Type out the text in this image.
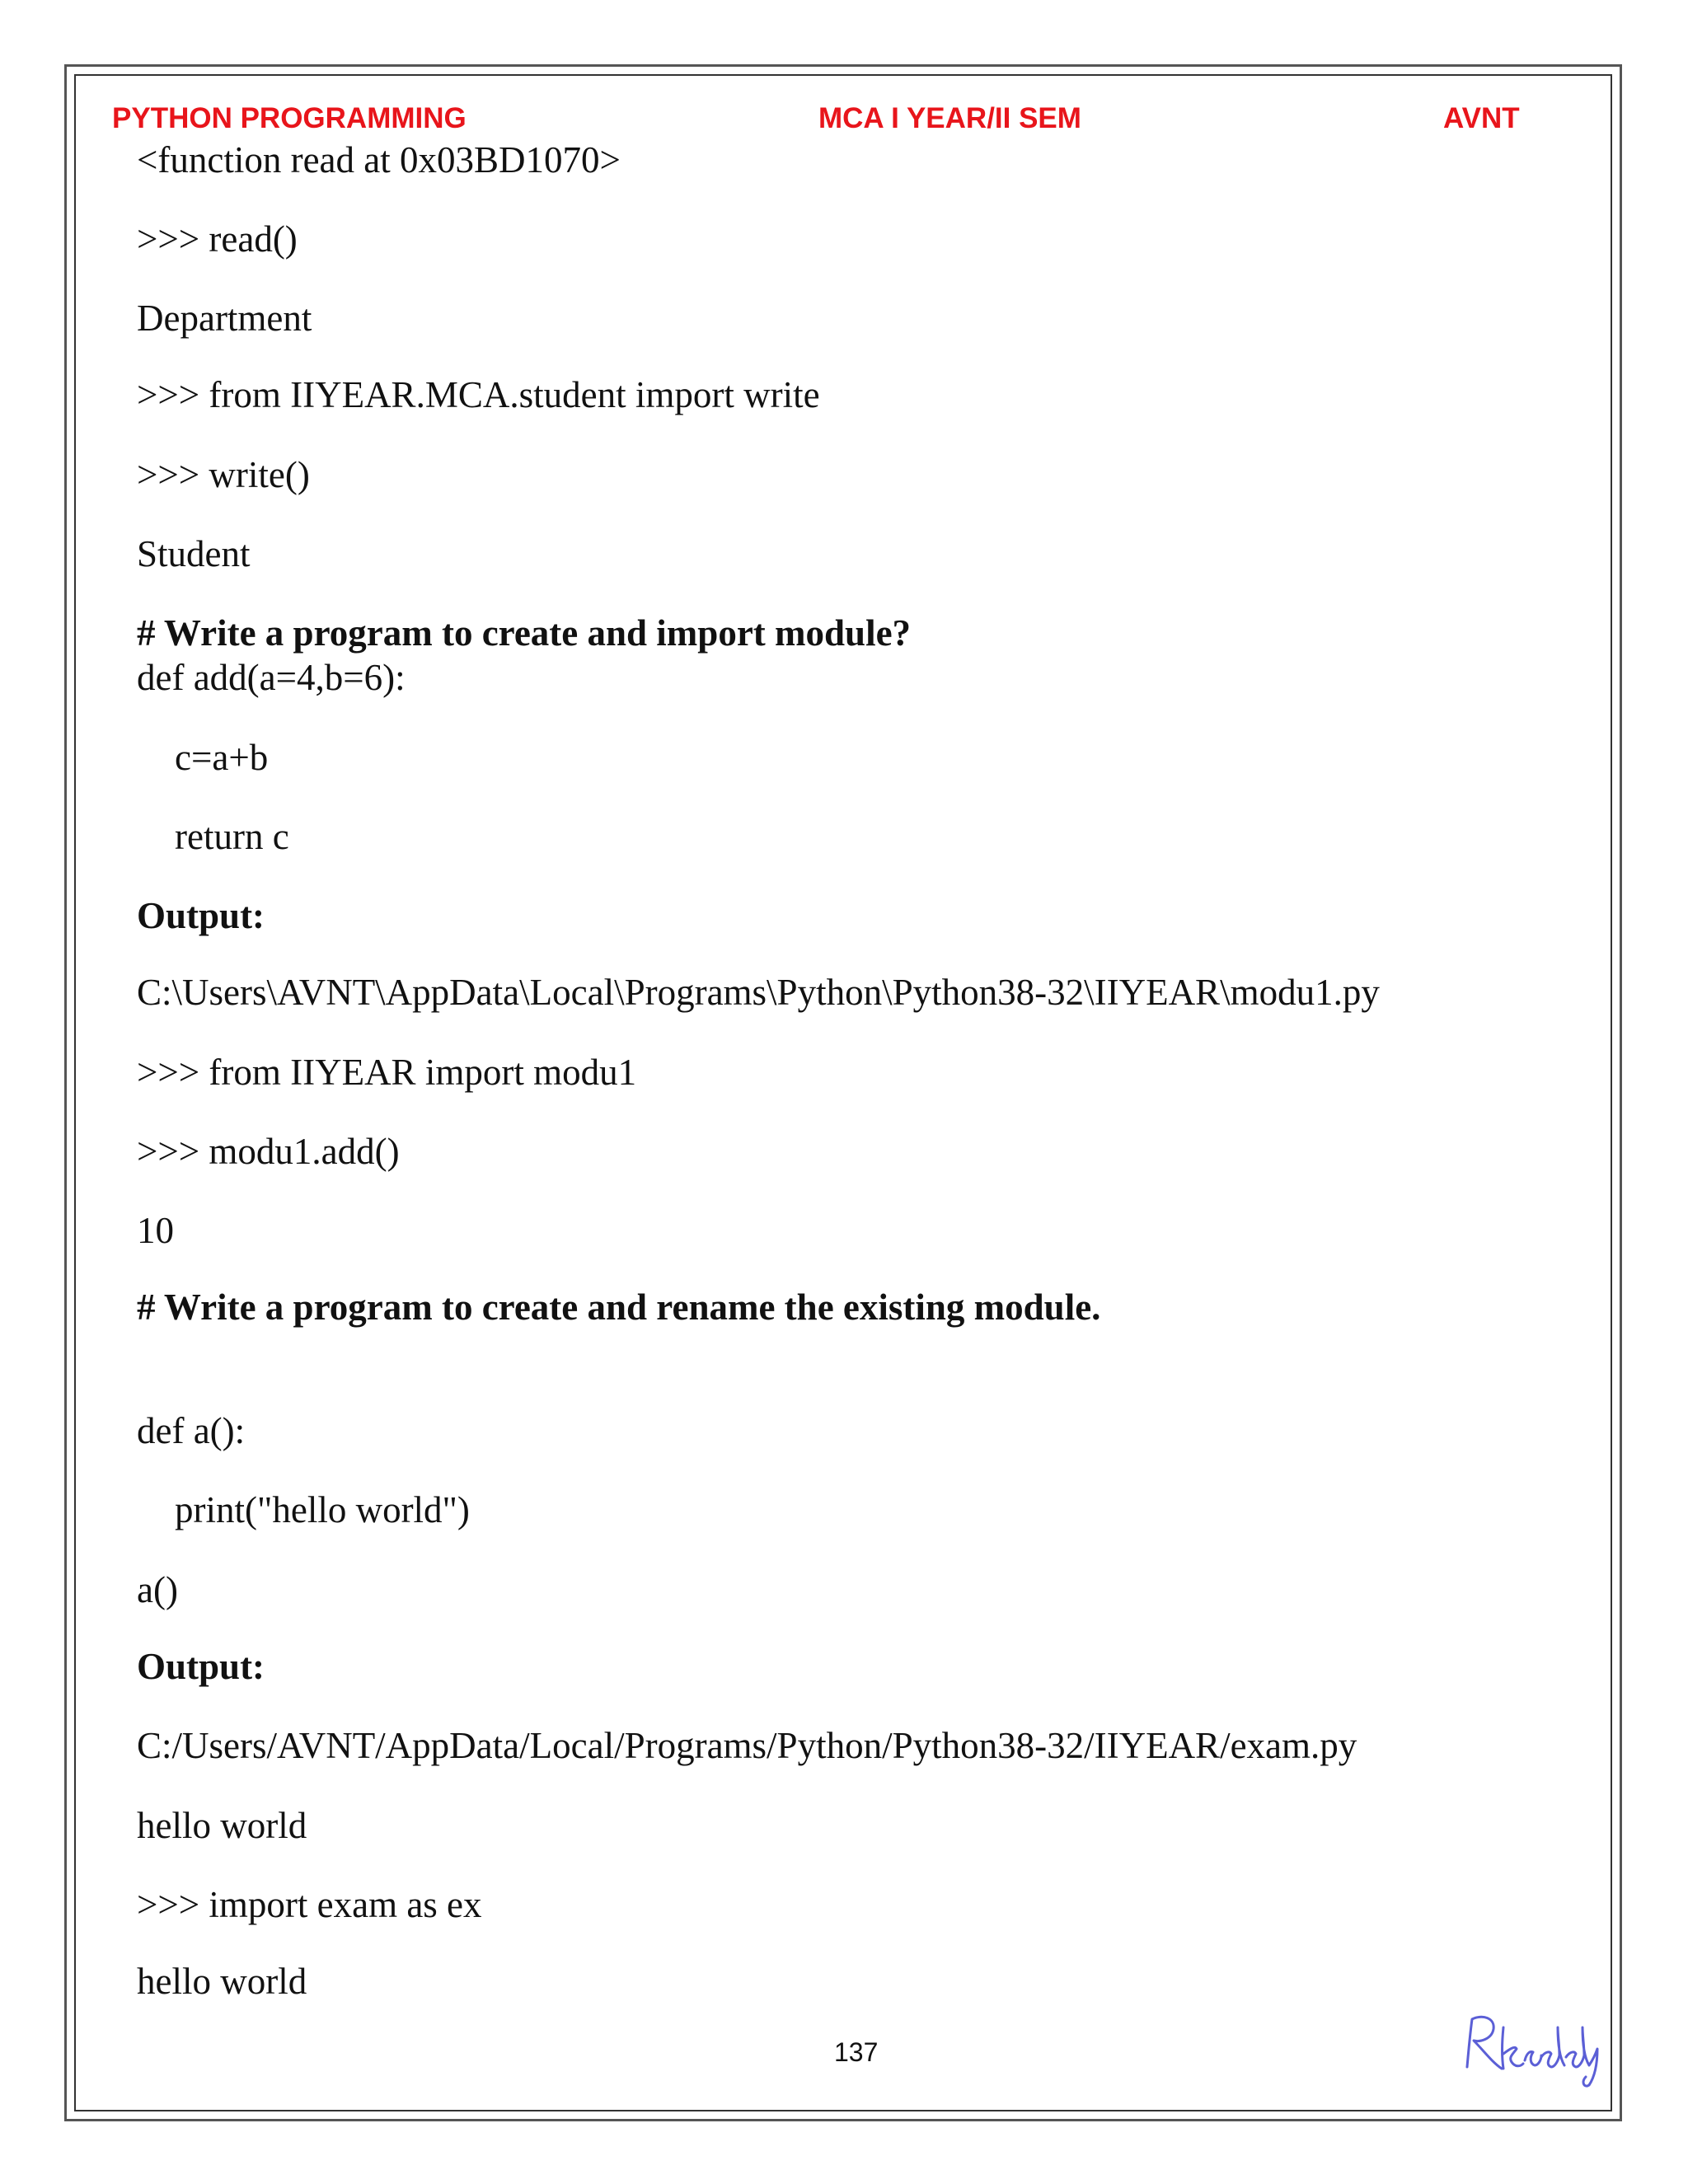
PYTHON PROGRAMMING	MCA I YEAR/II SEM	AVNT
<function read at 0x03BD1070>
>>> read()
Department
>>> from IIYEAR.MCA.student import write
>>> write()
Student
# Write a program to create and import module?
def add(a=4,b=6):
c=a+b
return c
Output:
C:\Users\AVNT\AppData\Local\Programs\Python\Python38-32\IIYEAR\modu1.py
>>> from IIYEAR import modu1
>>> modu1.add()
10
# Write a program to create and rename the existing module.
def a():
print("hello world")
a()
Output:
C:/Users/AVNT/AppData/Local/Programs/Python/Python38-32/IIYEAR/exam.py
hello world
>>> import exam as ex
hello world
137
